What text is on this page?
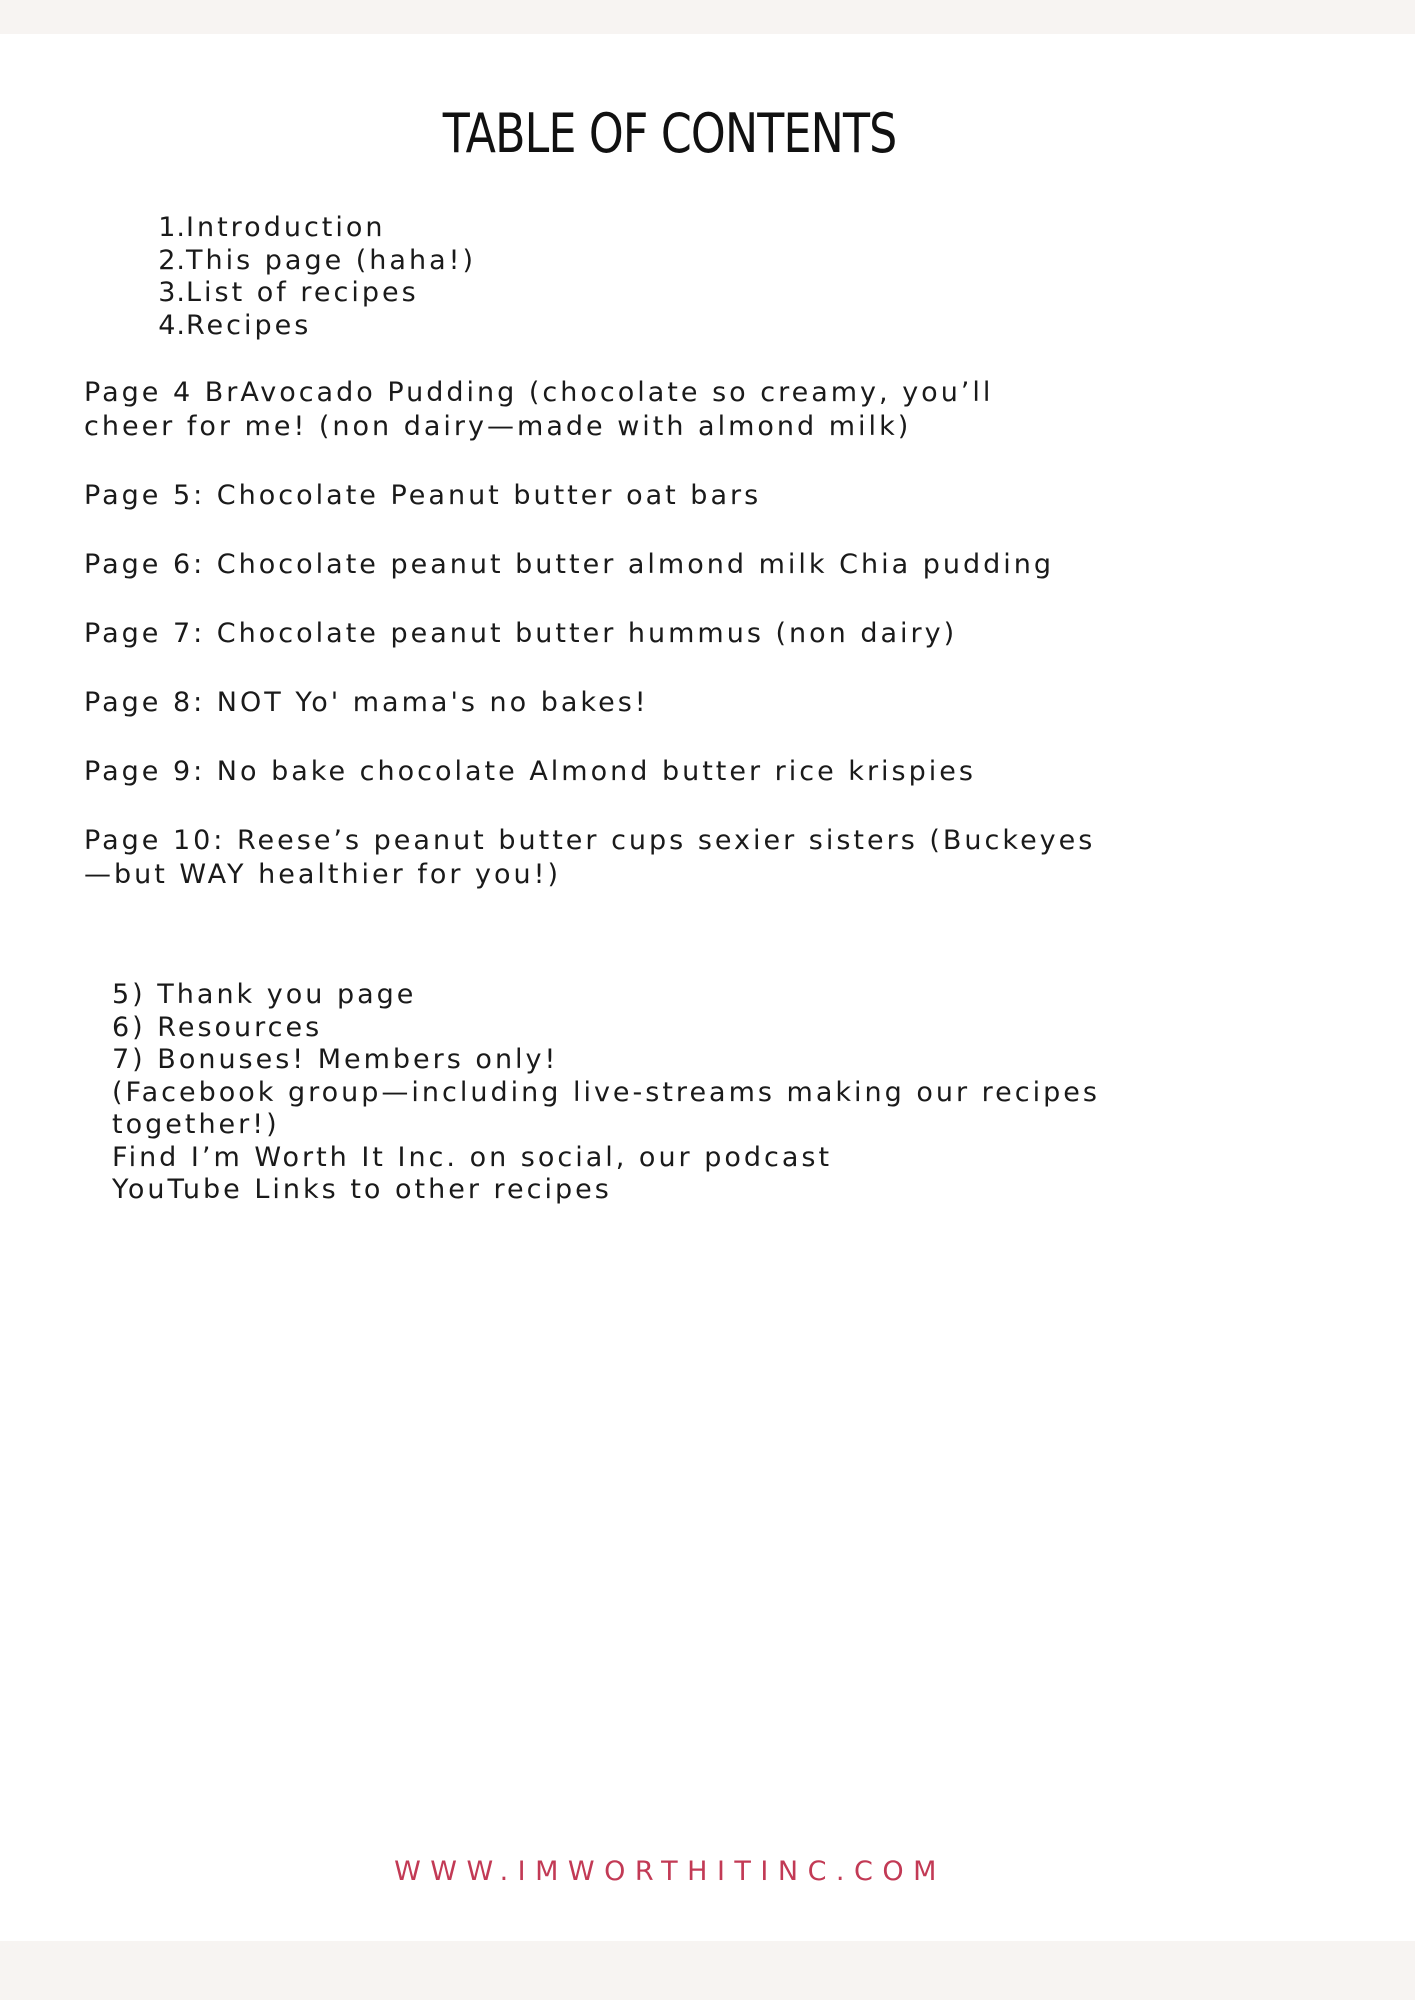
TABLE OF CONTENTS
1.Introduction
2.This page (haha!)
3.List of recipes
4.Recipes
Page 4 BrAvocado Pudding (chocolate so creamy, you’ll
cheer for me! (non dairy—made with almond milk)
Page 5: Chocolate Peanut butter oat bars
Page 6: Chocolate peanut butter almond milk Chia pudding
Page 7: Chocolate peanut butter hummus (non dairy)
Page 8: NOT Yo' mama's no bakes!
Page 9: No bake chocolate Almond butter rice krispies
Page 10: Reese’s peanut butter cups sexier sisters (Buckeyes
—but WAY healthier for you!)
5) Thank you page
6) Resources
7) Bonuses! Members only!
(Facebook group—including live-streams making our recipes
together!)
Find I’m Worth It Inc. on social, our podcast
YouTube Links to other recipes
WWW.IMWORTHITINC.COM
